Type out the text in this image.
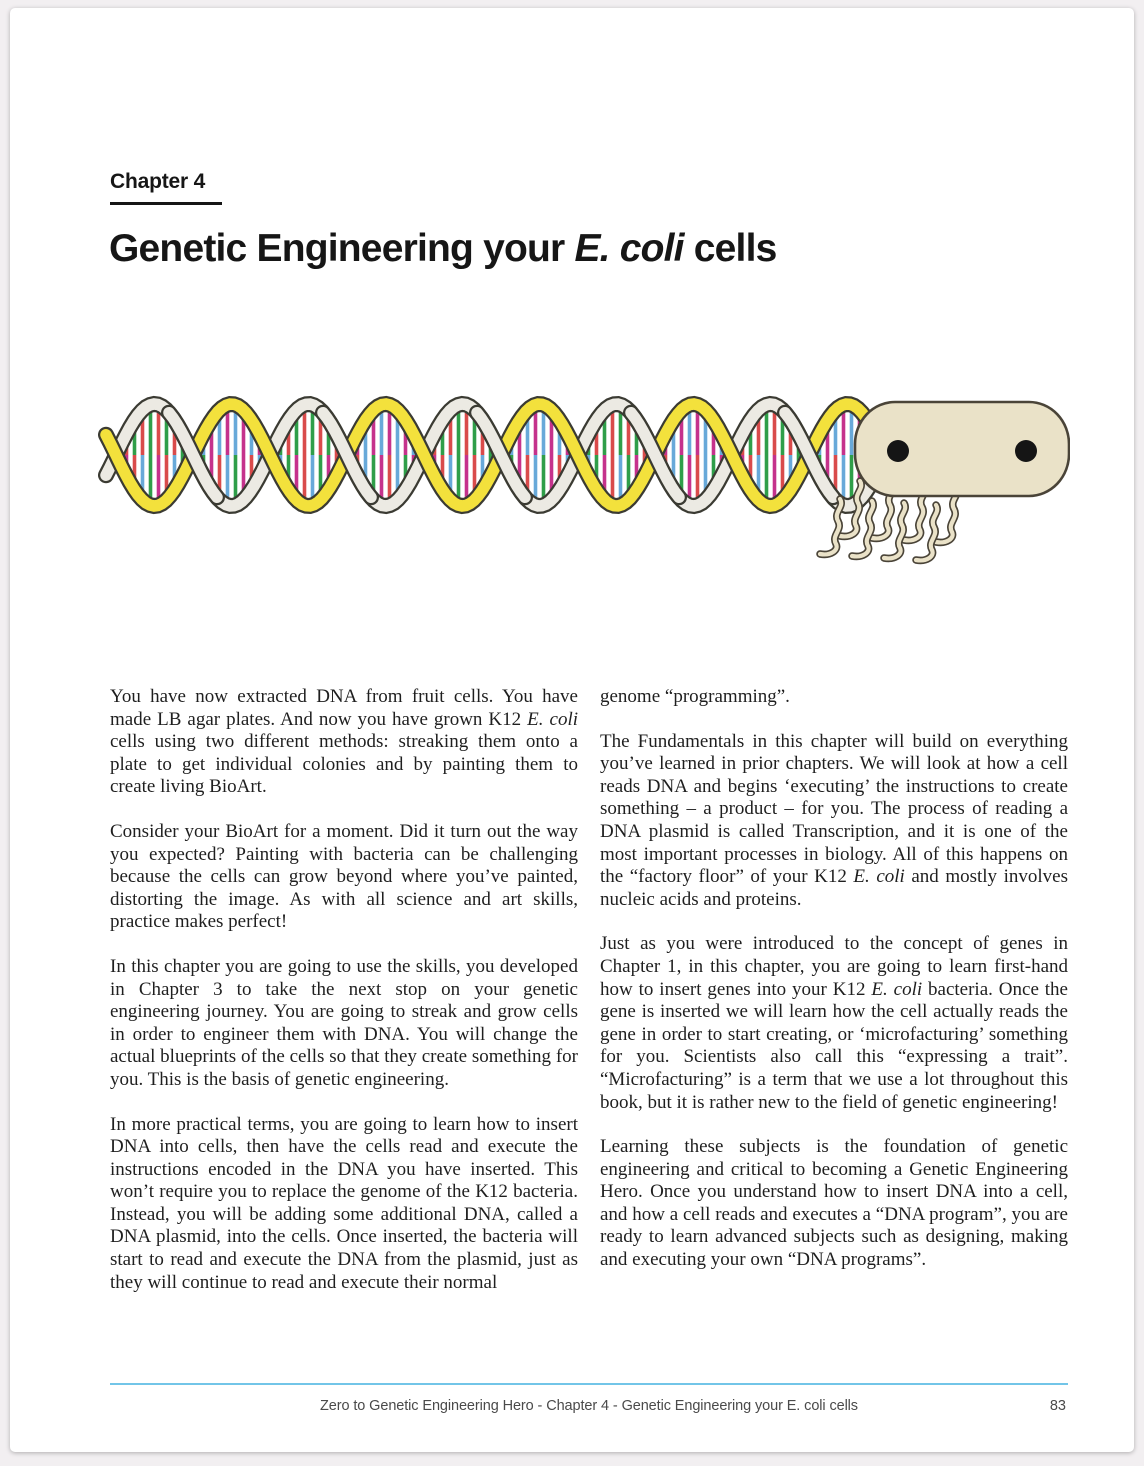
Chapter 4
Genetic Engineering your E. coli cells

You have now extracted DNA from fruit cells. You have made LB agar plates. And now you have grown K12 E. coli cells using two different methods: streaking them onto a plate to get individual colonies and by painting them to create living BioArt.

Consider your BioArt for a moment. Did it turn out the way you expected? Painting with bacteria can be challenging because the cells can grow beyond where you’ve painted, distorting the image. As with all science and art skills, practice makes perfect!

In this chapter you are going to use the skills, you developed in Chapter 3 to take the next stop on your genetic engineering journey. You are going to streak and grow cells in order to engineer them with DNA. You will change the actual blueprints of the cells so that they create something for you. This is the basis of genetic engineering.

In more practical terms, you are going to learn how to insert DNA into cells, then have the cells read and execute the instructions encoded in the DNA you have inserted. This won’t require you to replace the genome of the K12 bacteria. Instead, you will be adding some additional DNA, called a DNA plasmid, into the cells. Once inserted, the bacteria will start to read and execute the DNA from the plasmid, just as they will continue to read and execute their normal

genome “programming”.

The Fundamentals in this chapter will build on everything you’ve learned in prior chapters. We will look at how a cell reads DNA and begins ‘executing’ the instructions to create something – a product – for you. The process of reading a DNA plasmid is called Transcription, and it is one of the most important processes in biology. All of this happens on the “factory floor” of your K12 E. coli and mostly involves nucleic acids and proteins.

Just as you were introduced to the concept of genes in Chapter 1, in this chapter, you are going to learn first-hand how to insert genes into your K12 E. coli bacteria. Once the gene is inserted we will learn how the cell actually reads the gene in order to start creating, or ‘microfacturing’ something for you. Scientists also call this “expressing a trait”. “Microfacturing” is a term that we use a lot throughout this book, but it is rather new to the field of genetic engineering!

Learning these subjects is the foundation of genetic engineering and critical to becoming a Genetic Engineering Hero. Once you understand how to insert DNA into a cell, and how a cell reads and executes a “DNA program”, you are ready to learn advanced subjects such as designing, making and executing your own “DNA programs”.

Zero to Genetic Engineering Hero - Chapter 4 - Genetic Engineering your E. coli cells	83
